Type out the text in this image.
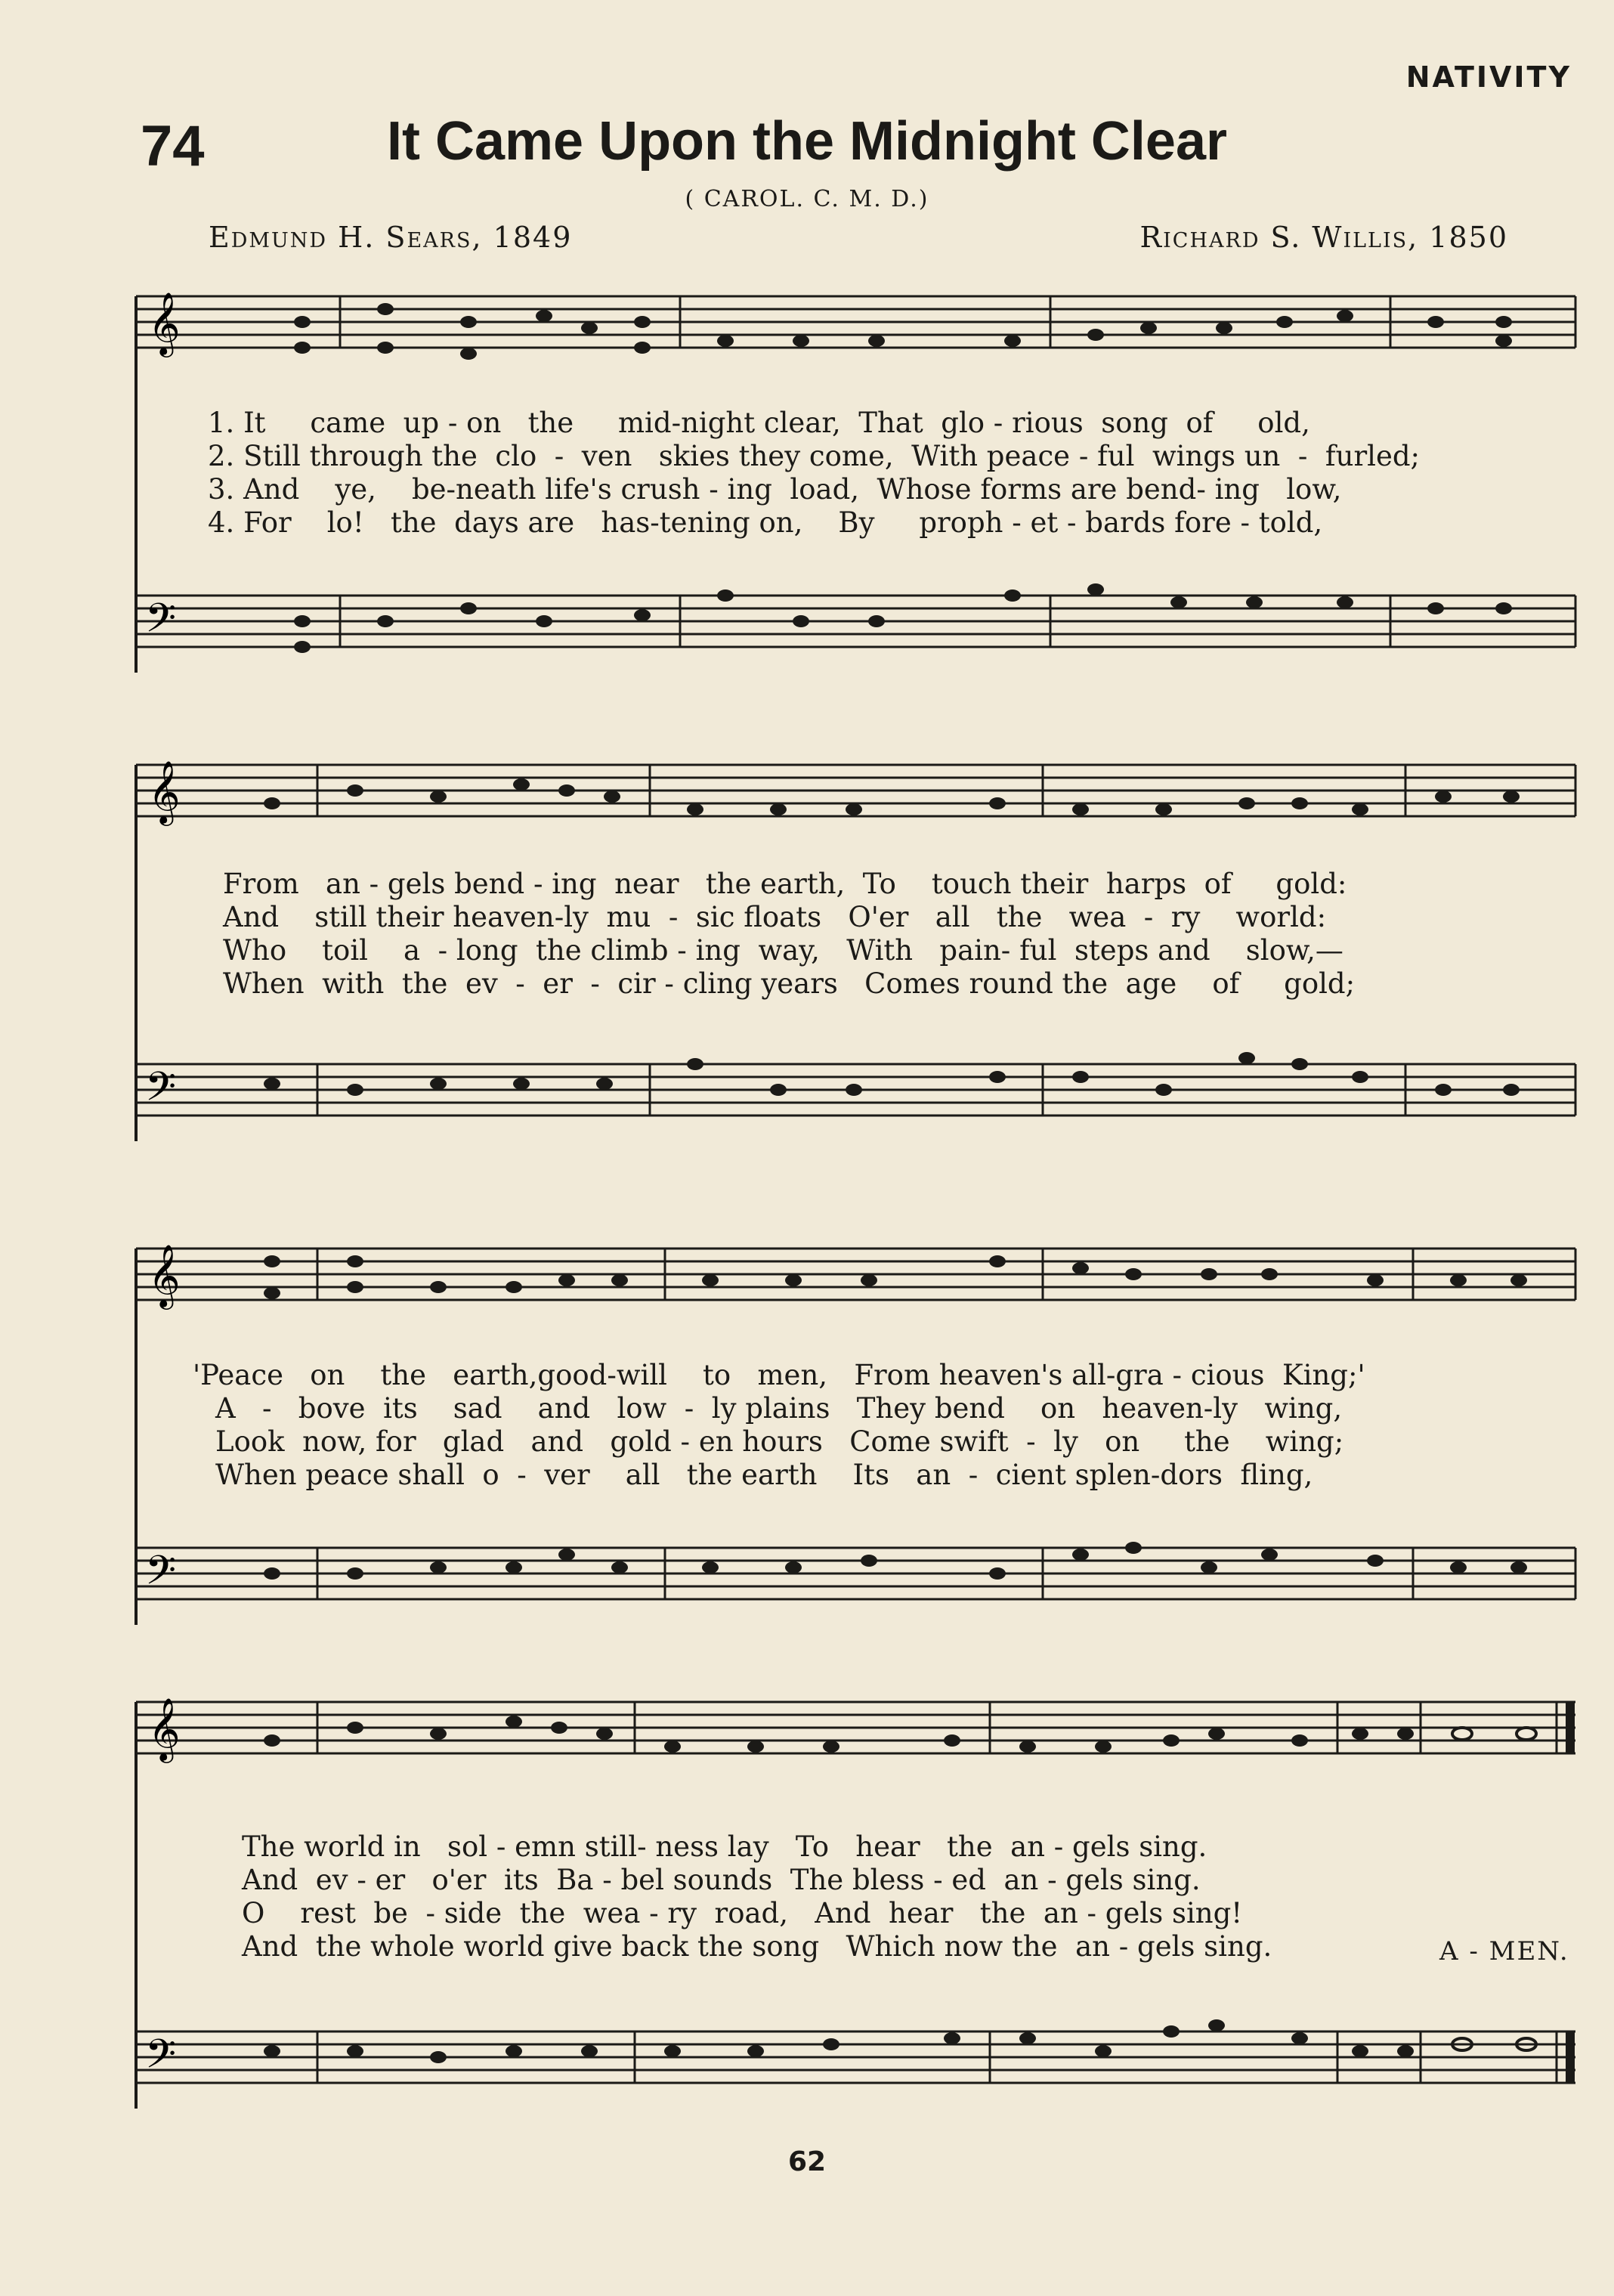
NATIVITY
74	It Came Upon the Midnight Clear
( CAROL. C. M. D.)
Edmund H. Sears, 1849	Richard S. Willis, 1850
𝄞
𝄢
1. It     came  up - on   the     mid-night clear,  That  glo - rious  song  of     old,
2. Still through the  clo  -  ven   skies they come,  With peace - ful  wings un  -  furled;
3. And    ye,    be-neath life's crush - ing  load,  Whose forms are bend- ing   low,
4. For    lo!   the  days are   has-tening on,    By     proph - et - bards fore - told,
𝄞
𝄢
From   an - gels bend - ing  near   the earth,  To    touch their  harps  of     gold:
And    still their heaven-ly  mu  -  sic floats   O'er   all   the   wea  -  ry    world:
Who    toil    a  - long  the climb - ing  way,   With   pain- ful  steps and    slow,—
When  with  the  ev  -  er  -  cir - cling years   Comes round the  age    of     gold;
𝄞
𝄢
'Peace   on    the   earth,good-will    to   men,   From heaven's all-gra - cious  King;'
A   -   bove  its    sad    and   low  -  ly plains   They bend    on   heaven-ly   wing,
Look  now, for   glad   and   gold - en hours   Come swift  -  ly   on     the    wing;
When peace shall  o  -  ver    all   the earth    Its   an  -  cient splen-dors  fling,
𝄞
𝄢
The world in   sol - emn still- ness lay   To   hear   the  an - gels sing.
And  ev - er   o'er  its  Ba - bel sounds  The bless - ed  an - gels sing.
O    rest  be  - side  the  wea - ry  road,   And  hear   the  an - gels sing!
And  the whole world give back the song   Which now the  an - gels sing.	A - MEN.
62
